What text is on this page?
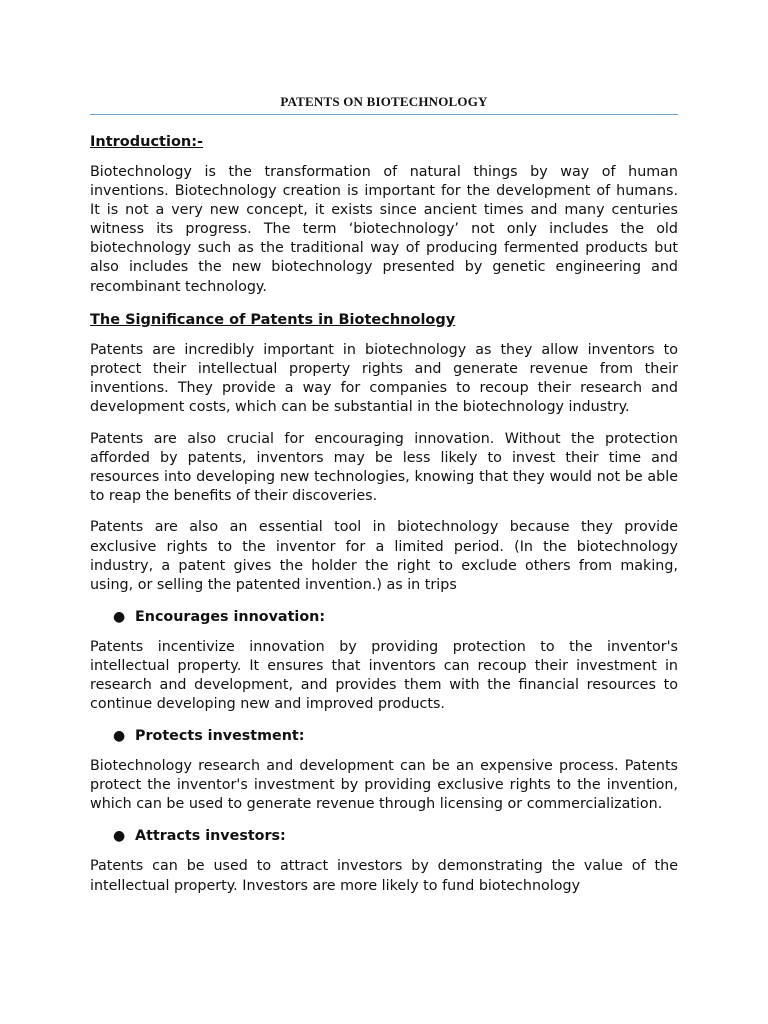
PATENTS ON BIOTECHNOLOGY
Introduction:-

Biotechnology is the transformation of natural things by way of human inventions. Biotechnology creation is important for the development of humans. It is not a very new concept, it exists since ancient times and many centuries witness its progress. The term ‘biotechnology’ not only includes the old biotechnology such as the traditional way of producing fermented products but also includes the new biotechnology presented by genetic engineering and recombinant technology.

The Significance of Patents in Biotechnology

Patents are incredibly important in biotechnology as they allow inventors to protect their intellectual property rights and generate revenue from their inventions. They provide a way for companies to recoup their research and development costs, which can be substantial in the biotechnology industry.

Patents are also crucial for encouraging innovation. Without the protection afforded by patents, inventors may be less likely to invest their time and resources into developing new technologies, knowing that they would not be able to reap the benefits of their discoveries.

Patents are also an essential tool in biotechnology because they provide exclusive rights to the inventor for a limited period. (In the biotechnology industry, a patent gives the holder the right to exclude others from making, using, or selling the patented invention.) as in trips

● Encourages innovation:

Patents incentivize innovation by providing protection to the inventor's intellectual property. It ensures that inventors can recoup their investment in research and development, and provides them with the financial resources to continue developing new and improved products.

● Protects investment:

Biotechnology research and development can be an expensive process. Patents protect the inventor's investment by providing exclusive rights to the invention, which can be used to generate revenue through licensing or commercialization.

● Attracts investors:

Patents can be used to attract investors by demonstrating the value of the intellectual property. Investors are more likely to fund biotechnology
